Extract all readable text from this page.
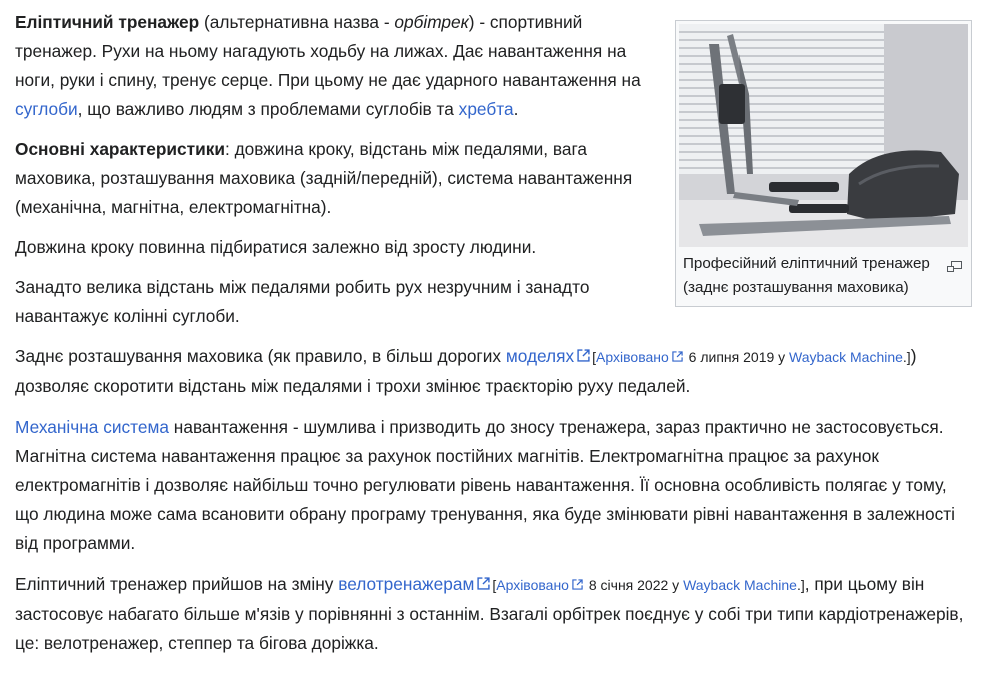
Професійний еліптичний тренажер (заднє розташування маховика)

Еліптичний тренажер (альтернативна назва - орбітрек) - спортивний тренажер. Рухи на ньому нагадують ходьбу на лижах. Дає навантаження на ноги, руки і спину, тренує серце. При цьому не дає ударного навантаження на суглоби, що важливо людям з проблемами суглобів та хребта.

Основні характеристики: довжина кроку, відстань між педалями, вага маховика, розташування маховика (задній/передній), система навантаження (механічна, магнітна, електромагнітна).

Довжина кроку повинна підбиратися залежно від зросту людини.

Занадто велика відстань між педалями робить рух незручним і занадто навантажує колінні суглоби.

Заднє розташування маховика (як правило, в більш дорогих моделях [Архівовано
6 липня 2019 у Wayback Machine.]) дозволяє скоротити відстань між педалями і трохи змінює траєкторію руху педалей.

Механічна система навантаження - шумлива і призводить до зносу тренажера, зараз практично не застосовується. Магнітна система навантаження працює за рахунок постійних магнітів. Електромагнітна працює за рахунок електромагнітів і дозволяє найбільш точно регулювати рівень навантаження. Її основна особливість полягає у тому, що людина може сама всановити обрану програму тренування, яка буде змінювати рівні навантаження в залежності від программи.

Еліптичний тренажер прийшов на зміну велотренажерам [Архівовано
8 січня 2022 у Wayback Machine.], при цьому він застосовує набагато більше м'язів у порівнянні з останнім. Взагалі орбітрек поєднує у собі три типи кардіотренажерів, це: велотренажер, степпер та бігова доріжка.
